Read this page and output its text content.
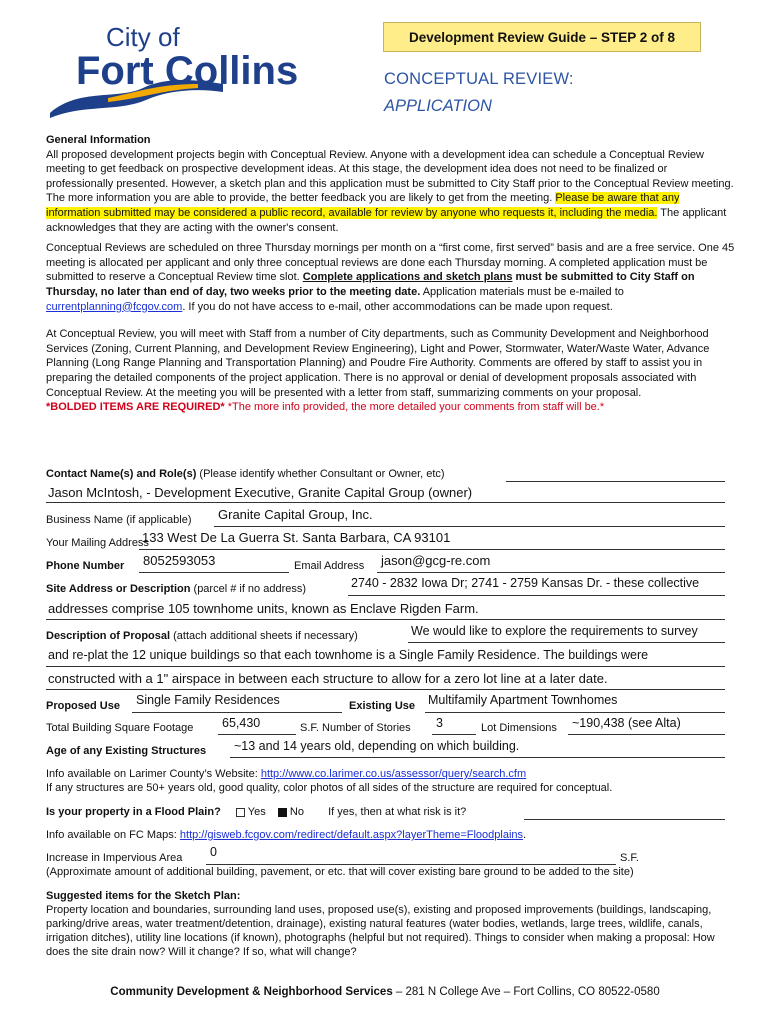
City of
Fort Collins
Development Review Guide – STEP 2 of 8
CONCEPTUAL REVIEW:
APPLICATION
General Information
All proposed development projects begin with Conceptual Review. Anyone with a development idea can schedule a Conceptual Review meeting to get feedback on prospective development ideas. At this stage, the development idea does not need to be finalized or professionally presented. However, a sketch plan and this application must be submitted to City Staff prior to the Conceptual Review meeting. The more information you are able to provide, the better feedback you are likely to get from the meeting. Please be aware that any information submitted may be considered a public record, available for review by anyone who requests it, including the media. The applicant acknowledges that they are acting with the owner's consent.
Conceptual Reviews are scheduled on three Thursday mornings per month on a “first come, first served” basis and are a free service. One 45 meeting is allocated per applicant and only three conceptual reviews are done each Thursday morning. A completed application must be submitted to reserve a Conceptual Review time slot. Complete applications and sketch plans must be submitted to City Staff on Thursday, no later than end of day, two weeks prior to the meeting date. Application materials must be e-mailed to currentplanning@fcgov.com. If you do not have access to e-mail, other accommodations can be made upon request.
At Conceptual Review, you will meet with Staff from a number of City departments, such as Community Development and Neighborhood Services (Zoning, Current Planning, and Development Review Engineering), Light and Power, Stormwater, Water/Waste Water, Advance Planning (Long Range Planning and Transportation Planning) and Poudre Fire Authority. Comments are offered by staff to assist you in preparing the detailed components of the project application. There is no approval or denial of development proposals associated with Conceptual Review. At the meeting you will be presented with a letter from staff, summarizing comments on your proposal.
*BOLDED ITEMS ARE REQUIRED* *The more info provided, the more detailed your comments from staff will be.*
Contact Name(s) and Role(s) (Please identify whether Consultant or Owner, etc)
Jason McIntosh, - Development Executive, Granite Capital Group (owner)
Business Name (if applicable) Granite Capital Group, Inc.
Your Mailing Address
133 West De La Guerra St. Santa Barbara, CA 93101
Phone Number 8052593053	Email Address jason@gcg-re.com
Site Address or Description (parcel # if no address)	2740 - 2832 Iowa Dr; 2741 - 2759 Kansas Dr. - these collective
addresses comprise 105 townhome units, known as Enclave Rigden Farm.
Description of Proposal (attach additional sheets if necessary)	We would like to explore the requirements to survey
and re-plat the 12 unique buildings so that each townhome is a Single Family Residence. The buildings were
constructed with a 1" airspace in between each structure to allow for a zero lot line at a later date.
Proposed Use Single Family Residences	Existing Use Multifamily Apartment Townhomes
Total Building Square Footage 65,430	S.F. Number of Stories 3	Lot Dimensions ~190,438 (see Alta)
Age of any Existing Structures ~13 and 14 years old, depending on which building.
Info available on Larimer County’s Website: http://www.co.larimer.co.us/assessor/query/search.cfm
If any structures are 50+ years old, good quality, color photos of all sides of the structure are required for conceptual.
Is your property in a Flood Plain? Yes No If yes, then at what risk is it?
Info available on FC Maps: http://gisweb.fcgov.com/redirect/default.aspx?layerTheme=Floodplains.
Increase in Impervious Area 0	S.F.
(Approximate amount of additional building, pavement, or etc. that will cover existing bare ground to be added to the site)
Suggested items for the Sketch Plan:
Property location and boundaries, surrounding land uses, proposed use(s), existing and proposed improvements (buildings, landscaping, parking/drive areas, water treatment/detention, drainage), existing natural features (water bodies, wetlands, large trees, wildlife, canals, irrigation ditches), utility line locations (if known), photographs (helpful but not required). Things to consider when making a proposal: How does the site drain now? Will it change? If so, what will change?
Community Development & Neighborhood Services – 281 N College Ave – Fort Collins, CO 80522-0580
